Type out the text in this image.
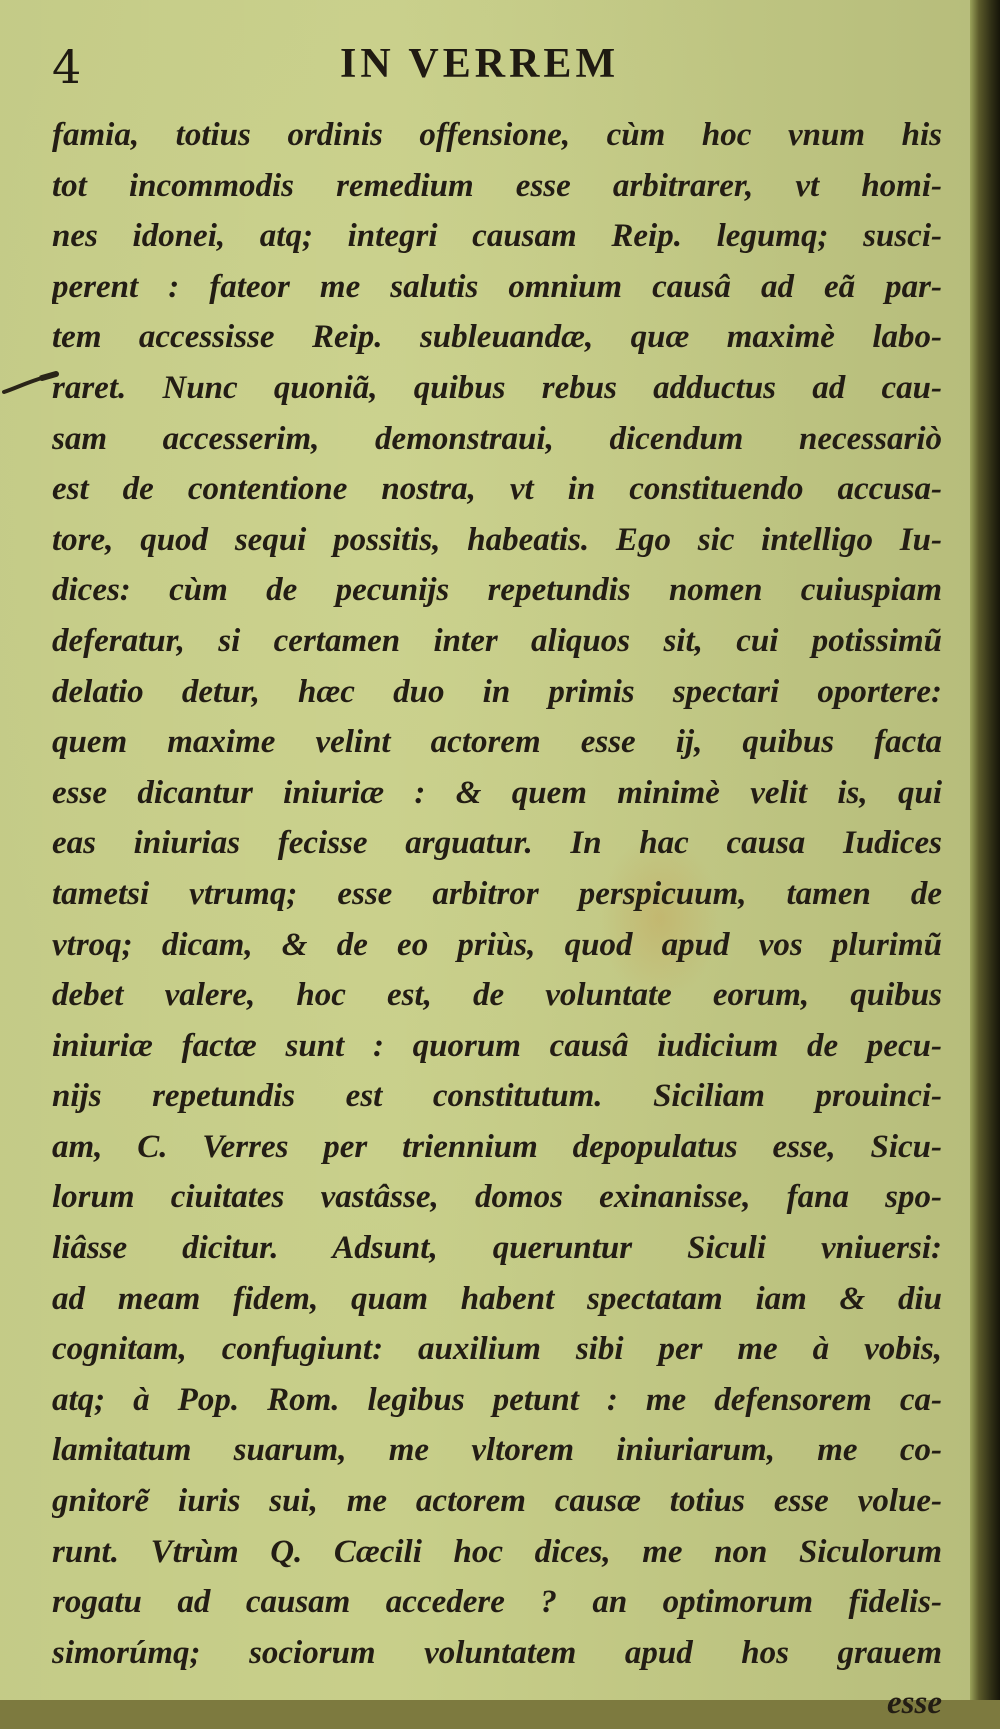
4	IN VERREM
famia, totius ordinis offensione, cùm hoc vnum his
tot incommodis remedium esse arbitrarer, vt homi-
nes idonei, atq; integri causam Reip. legumq; susci-
perent : fateor me salutis omnium causâ ad eã par-
tem accessisse Reip. subleuandæ, quæ maximè labo-
raret. Nunc quoniã, quibus rebus adductus ad cau-
sam accesserim, demonstraui, dicendum necessariò
est de contentione nostra, vt in constituendo accusa-
tore, quod sequi possitis, habeatis. Ego sic intelligo Iu-
dices: cùm de pecunijs repetundis nomen cuiuspiam
deferatur, si certamen inter aliquos sit, cui potissimũ
delatio detur, hæc duo in primis spectari oportere:
quem maxime velint actorem esse ij, quibus facta
esse dicantur iniuriæ : & quem minimè velit is, qui
eas iniurias fecisse arguatur. In hac causa Iudices
tametsi vtrumq; esse arbitror perspicuum, tamen de
vtroq; dicam, & de eo priùs, quod apud vos plurimũ
debet valere, hoc est, de voluntate eorum, quibus
iniuriæ factæ sunt : quorum causâ iudicium de pecu-
nijs repetundis est constitutum. Siciliam prouinci-
am, C. Verres per triennium depopulatus esse, Sicu-
lorum ciuitates vastâsse, domos exinanisse, fana spo-
liâsse dicitur. Adsunt, queruntur Siculi vniuersi:
ad meam fidem, quam habent spectatam iam & diu
cognitam, confugiunt: auxilium sibi per me à vobis,
atq; à Pop. Rom. legibus petunt : me defensorem ca-
lamitatum suarum, me vltorem iniuriarum, me co-
gnitorẽ iuris sui, me actorem causæ totius esse volue-
runt. Vtrùm Q. Cæcili hoc dices, me non Siculorum
rogatu ad causam accedere ? an optimorum fidelis-
simorúmq; sociorum voluntatem apud hos grauem
esse
